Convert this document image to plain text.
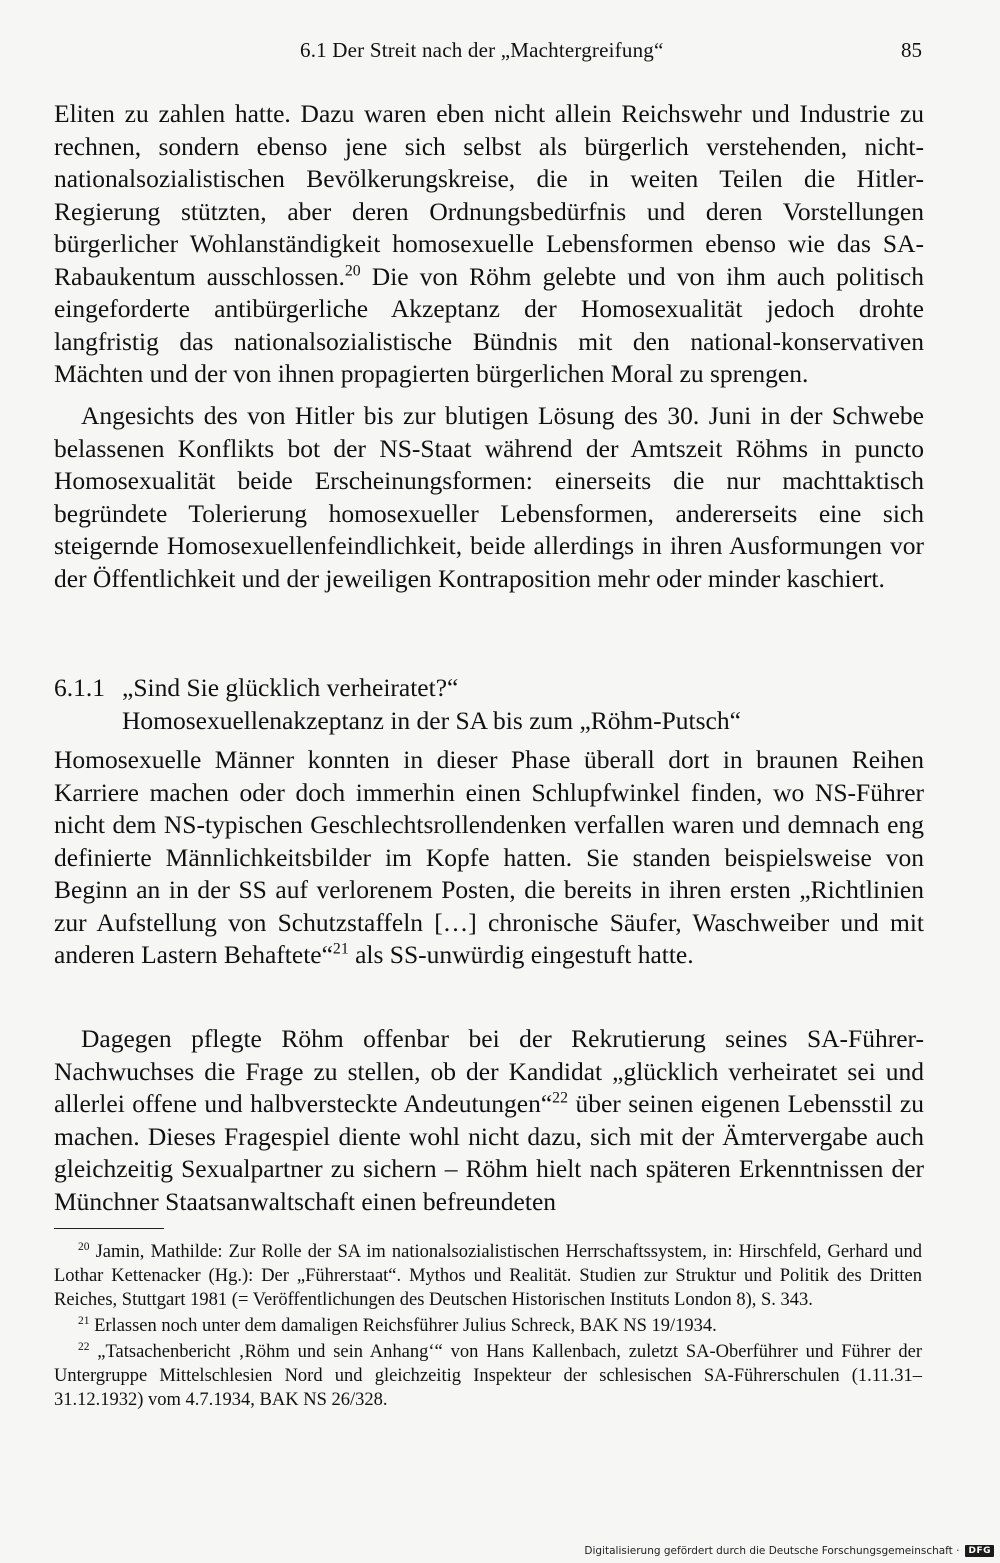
6.1 Der Streit nach der „Machtergreifung“	85

Eliten zu zahlen hatte. Dazu waren eben nicht allein Reichswehr und Industrie zu rechnen, sondern ebenso jene sich selbst als bürgerlich verstehenden, nichtnationalsozialistischen Bevölkerungskreise, die in weiten Teilen die Hitler-Regierung stützten, aber deren Ordnungsbedürfnis und deren Vorstellungen bürgerlicher Wohlanständigkeit homosexuelle Lebensformen ebenso wie das SA-Rabaukentum ausschlossen.$^{20}$ Die von Röhm gelebte und von ihm auch politisch eingeforderte antibürgerliche Akzeptanz der Homosexualität jedoch drohte langfristig das nationalsozialistische Bündnis mit den national-konservativen Mächten und der von ihnen propagierten bürgerlichen Moral zu sprengen.

Angesichts des von Hitler bis zur blutigen Lösung des 30. Juni in der Schwebe belassenen Konflikts bot der NS-Staat während der Amtszeit Röhms in puncto Homosexualität beide Erscheinungsformen: einerseits die nur machttaktisch begründete Tolerierung homosexueller Lebensformen, andererseits eine sich steigernde Homosexuellenfeindlichkeit, beide allerdings in ihren Ausformungen vor der Öffentlichkeit und der jeweiligen Kontraposition mehr oder minder kaschiert.

6.1.1 „Sind Sie glücklich verheiratet?“
Homosexuellenakzeptanz in der SA bis zum „Röhm-Putsch“

Homosexuelle Männer konnten in dieser Phase überall dort in braunen Reihen Karriere machen oder doch immerhin einen Schlupfwinkel finden, wo NS-Führer nicht dem NS-typischen Geschlechtsrollendenken verfallen waren und demnach eng definierte Männlichkeitsbilder im Kopfe hatten. Sie standen beispielsweise von Beginn an in der SS auf verlorenem Posten, die bereits in ihren ersten „Richtlinien zur Aufstellung von Schutzstaffeln […] chronische Säufer, Waschweiber und mit anderen Lastern Behaftete“$^{21}$ als SS-unwürdig eingestuft hatte.

Dagegen pflegte Röhm offenbar bei der Rekrutierung seines SA-Führer-Nachwuchses die Frage zu stellen, ob der Kandidat „glücklich verheiratet sei und allerlei offene und halbversteckte Andeutungen“$^{22}$ über seinen eigenen Lebensstil zu machen. Dieses Fragespiel diente wohl nicht dazu, sich mit der Ämtervergabe auch gleichzeitig Sexualpartner zu sichern – Röhm hielt nach späteren Erkenntnissen der Münchner Staatsanwaltschaft einen befreundeten

$^{20}$ Jamin, Mathilde: Zur Rolle der SA im nationalsozialistischen Herrschaftssystem, in: Hirschfeld, Gerhard und Lothar Kettenacker (Hg.): Der „Führerstaat“. Mythos und Realität. Studien zur Struktur und Politik des Dritten Reiches, Stuttgart 1981 (= Veröffentlichungen des Deutschen Historischen Instituts London 8), S. 343.

$^{21}$ Erlassen noch unter dem damaligen Reichsführer Julius Schreck, BAK NS 19/1934.

$^{22}$ „Tatsachenbericht ‚Röhm und sein Anhang‘“ von Hans Kallenbach, zuletzt SA-Oberführer und Führer der Untergruppe Mittelschlesien Nord und gleichzeitig Inspekteur der schlesischen SA-Führerschulen (1.11.31–31.12.1932) vom 4.7.1934, BAK NS 26/328.

Digitalisierung gefördert durch die Deutsche Forschungsgemeinschaft ·	DFG
